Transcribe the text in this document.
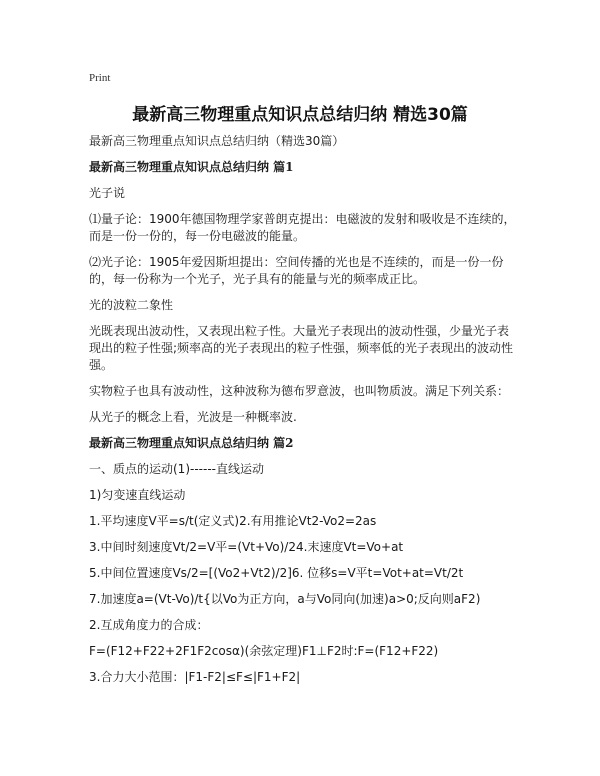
Print
最新高三物理重点知识点总结归纳 精选30篇
最新高三物理重点知识点总结归纳（精选30篇）
最新高三物理重点知识点总结归纳 篇1
光子说
⑴量子论：1900年德国物理学家普朗克提出：电磁波的发射和吸收是不连续的，而是一份一份的，每一份电磁波的能量。
⑵光子论：1905年爱因斯坦提出：空间传播的光也是不连续的，而是一份一份的，每一份称为一个光子，光子具有的能量与光的频率成正比。
光的波粒二象性
光既表现出波动性，又表现出粒子性。大量光子表现出的波动性强，少量光子表现出的粒子性强;频率高的光子表现出的粒子性强，频率低的光子表现出的波动性强。
实物粒子也具有波动性，这种波称为德布罗意波，也叫物质波。满足下列关系：
从光子的概念上看，光波是一种概率波.
最新高三物理重点知识点总结归纳 篇2
一、质点的运动(1)------直线运动
1)匀变速直线运动
1.平均速度V平=s/t(定义式)2.有用推论Vt2-Vo2=2as
3.中间时刻速度Vt/2=V平=(Vt+Vo)/24.末速度Vt=Vo+at
5.中间位置速度Vs/2=[(Vo2+Vt2)/2]6. 位移s=V平t=Vot+at=Vt/2t
7.加速度a=(Vt-Vo)/t{以Vo为正方向，a与Vo同向(加速)a>0;反向则aF2)
2.互成角度力的合成：
F=(F12+F22+2F1F2cosα)(余弦定理)F1⊥F2时:F=(F12+F22)
3.合力大小范围：|F1-F2|≤F≤|F1+F2|
